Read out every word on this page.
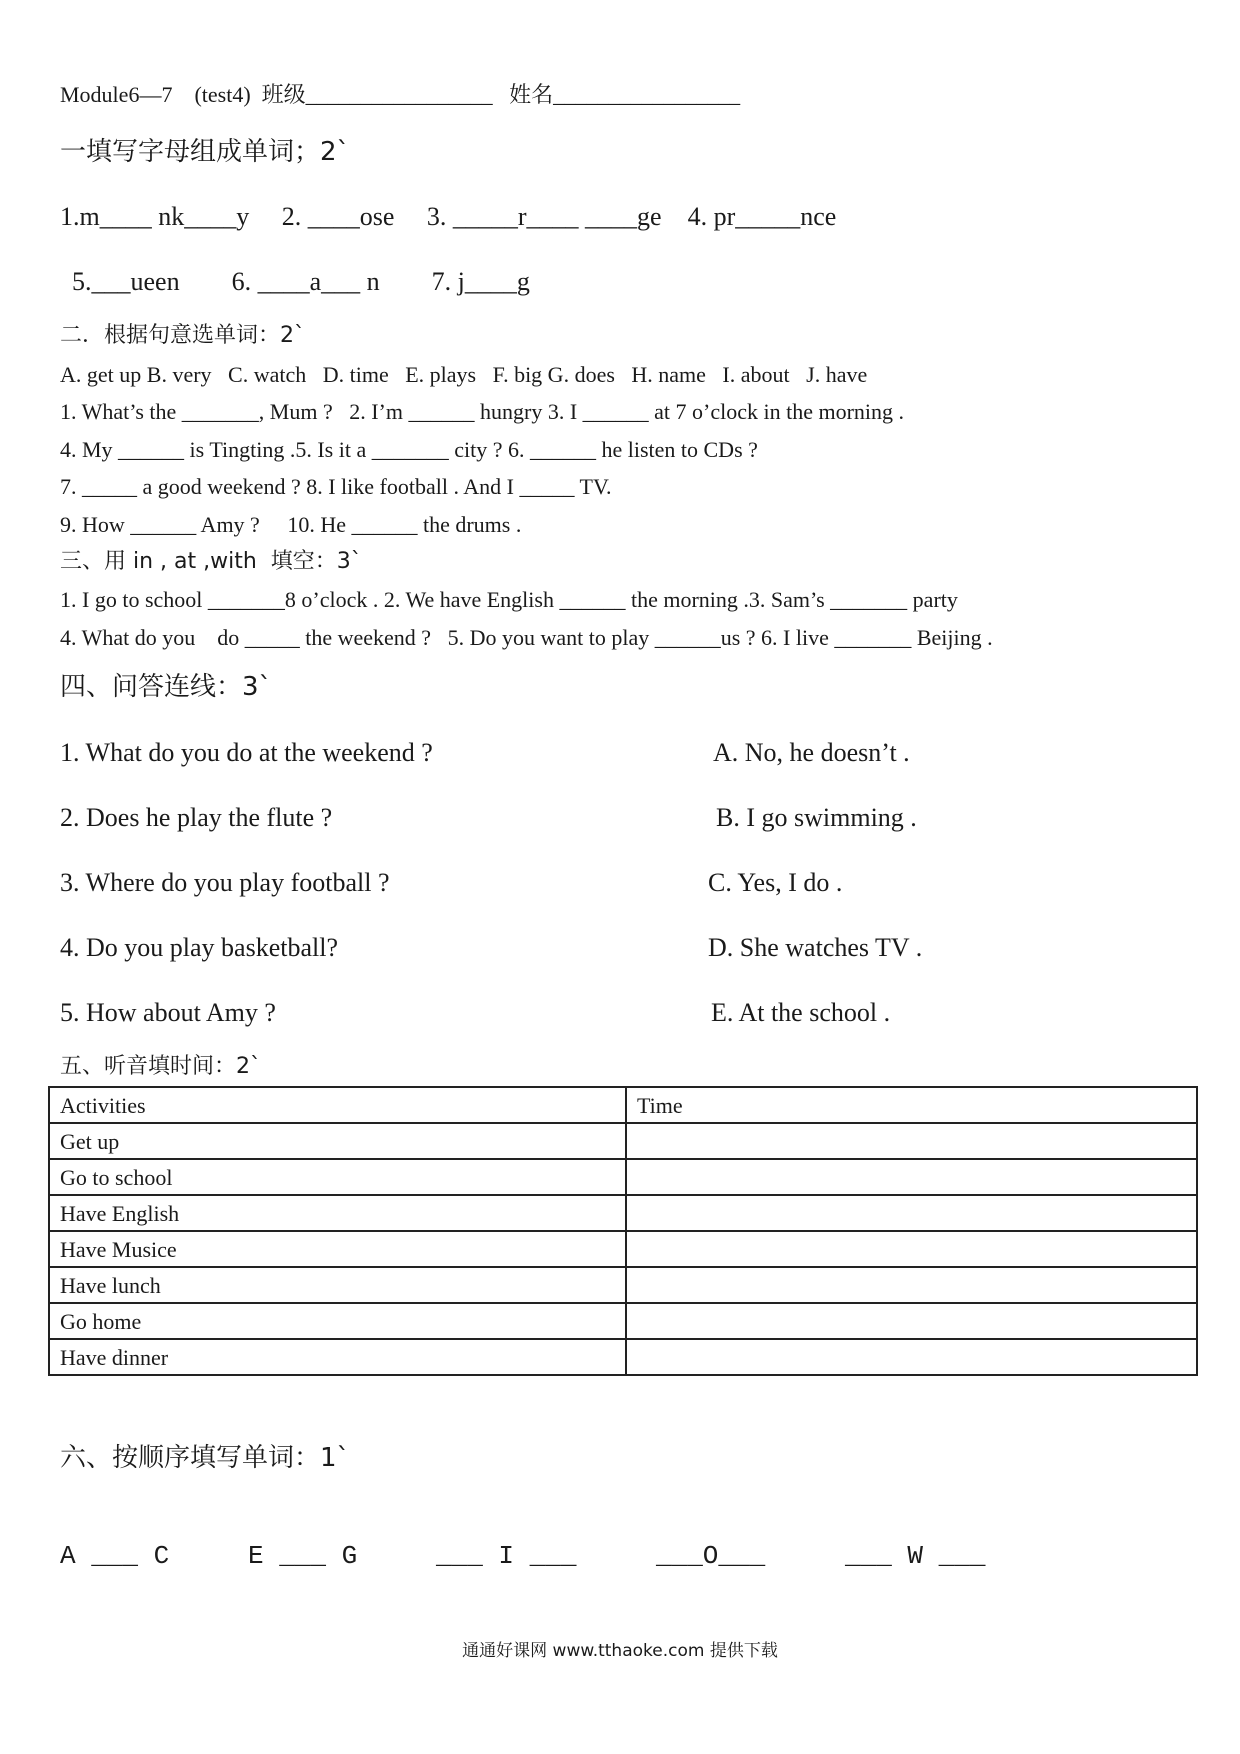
Module6—7    (test4)  班级_________________   姓名_________________
一填写字母组成单词；2`
1.m____ nk____y     2. ____ose     3. _____r____ ____ge    4. pr_____nce
5.___ueen        6. ____a___ n        7. j____g
二．根据句意选单词：2`
A. get up B. very   C. watch   D. time   E. plays   F. big G. does   H. name   I. about   J. have
1. What’s the _______, Mum ?   2. I’m ______ hungry 3. I ______ at 7 o’clock in the morning .
4. My ______ is Tingting .5. Is it a _______ city ? 6. ______ he listen to CDs ?
7. _____ a good weekend ? 8. I like football . And I _____ TV.
9. How ______ Amy ?     10. He ______ the drums .
三、用 in , at ,with  填空：3`
1. I go to school _______8 o’clock . 2. We have English ______ the morning .3. Sam’s _______ party
4. What do you    do _____ the weekend ?   5. Do you want to play ______us ? 6. I live _______ Beijing .
四、问答连线：3`
1. What do you do at the weekend ?
2. Does he play the flute ?
3. Where do you play football ?
4. Do you play basketball?
5. How about Amy ?
A. No, he doesn’t .
B. I go swimming .
C. Yes, I do .
D. She watches TV .
E. At the school .
五、听音填时间：2`
Activities	Time
Get up	
Go to school	
Have English	
Have Musice	
Have lunch	
Go home	
Have dinner	
六、按顺序填写单词：1`
A ___ C	E ___ G	___ I ___	___O___	___ W ___
通通好课网 www.tthaoke.com 提供下载
